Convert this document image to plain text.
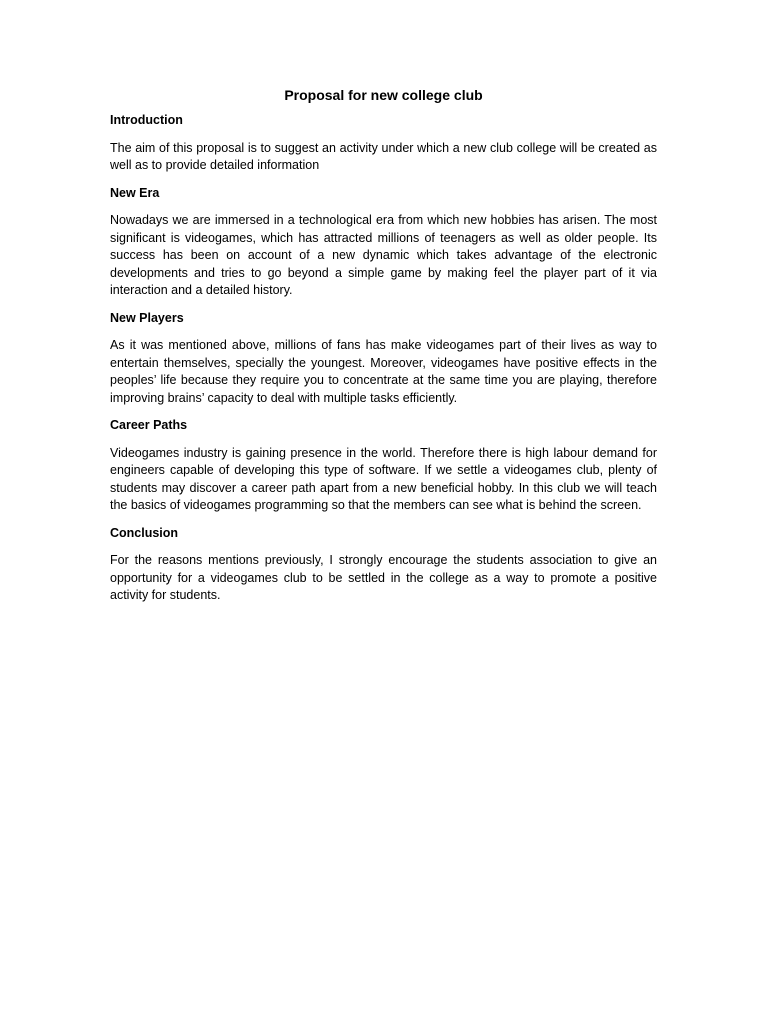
Proposal for new college club
Introduction
The aim of this proposal is to suggest an activity under which a new club college will be created as well as to provide detailed information
New Era
Nowadays we are immersed in a technological era from which new hobbies has arisen. The most significant is videogames, which has attracted millions of teenagers as well as older people. Its success has been on account of a new dynamic which takes advantage of the electronic developments and tries to go beyond a simple game by making feel the player part of it via interaction and a detailed history.
New Players
As it was mentioned above, millions of fans has make videogames part of their lives as way to entertain themselves, specially the youngest. Moreover, videogames have positive effects in the peoples’ life because they require you to concentrate at the same time you are playing, therefore improving brains’ capacity to deal with multiple tasks efficiently.
Career Paths
Videogames industry is gaining presence in the world. Therefore there is high labour demand for engineers capable of developing this type of software. If we settle a videogames club, plenty of students may discover a career path apart from a new beneficial hobby. In this club we will teach the basics of videogames programming so that the members can see what is behind the screen.
Conclusion
For the reasons mentions previously, I strongly encourage the students association to give an opportunity for a videogames club to be settled in the college as a way to promote a positive activity for students.
